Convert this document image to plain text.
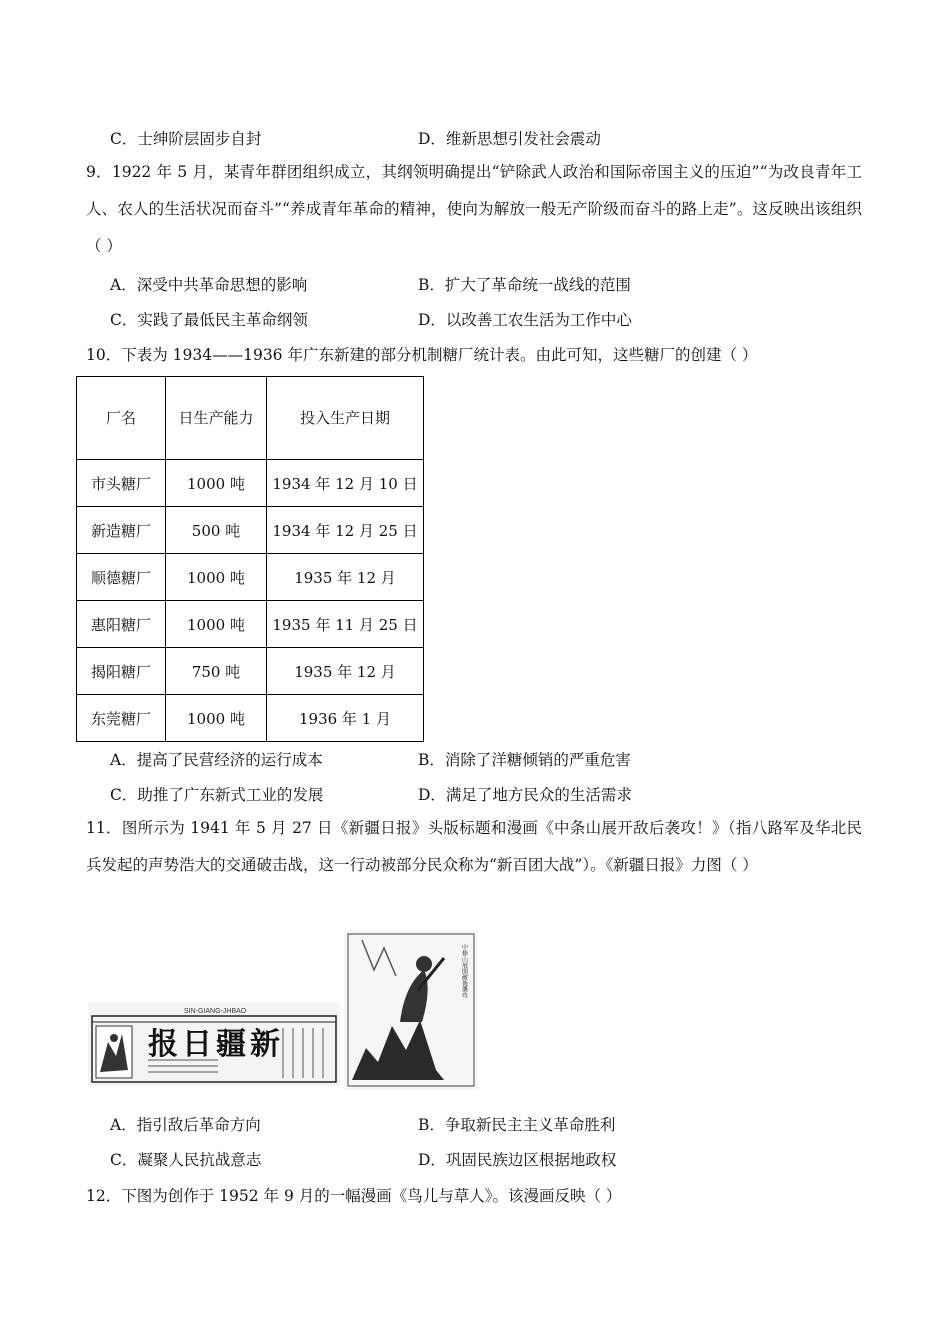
C．士绅阶层固步自封	D．维新思想引发社会震动
9．1922 年 5 月，某青年群团组织成立，其纲领明确提出“铲除武人政治和国际帝国主义的压迫”“为改良青年工人、农人的生活状况而奋斗”“养成青年革命的精神，使向为解放一般无产阶级而奋斗的路上走”。这反映出该组织（ ）
A．深受中共革命思想的影响	B．扩大了革命统一战线的范围
C．实践了最低民主革命纲领	D．以改善工农生活为工作中心
10．下表为 1934——1936 年广东新建的部分机制糖厂统计表。由此可知，这些糖厂的创建（ ）
厂名	日生产能力	投入生产日期
市头糖厂	1000 吨	1934 年 12 月 10 日
新造糖厂	500 吨	1934 年 12 月 25 日
顺德糖厂	1000 吨	1935 年 12 月
惠阳糖厂	1000 吨	1935 年 11 月 25 日
揭阳糖厂	750 吨	1935 年 12 月
东莞糖厂	1000 吨	1936 年 1 月
A．提高了民营经济的运行成本	B．消除了洋糖倾销的严重危害
C．助推了广东新式工业的发展	D．满足了地方民众的生活需求
11．图所示为 1941 年 5 月 27 日《新疆日报》头版标题和漫画《中条山展开敌后袭攻！》（指八路军及华北民兵发起的声势浩大的交通破击战，这一行动被部分民众称为“新百团大战”）。《新疆日报》力图（ ）
SIN-GIANG-JHBAO
报日疆新
中條山展開敵後襲攻
A．指引敌后革命方向	B．争取新民主主义革命胜利
C．凝聚人民抗战意志	D．巩固民族边区根据地政权
12．下图为创作于 1952 年 9 月的一幅漫画《鸟儿与草人》。该漫画反映（ ）
